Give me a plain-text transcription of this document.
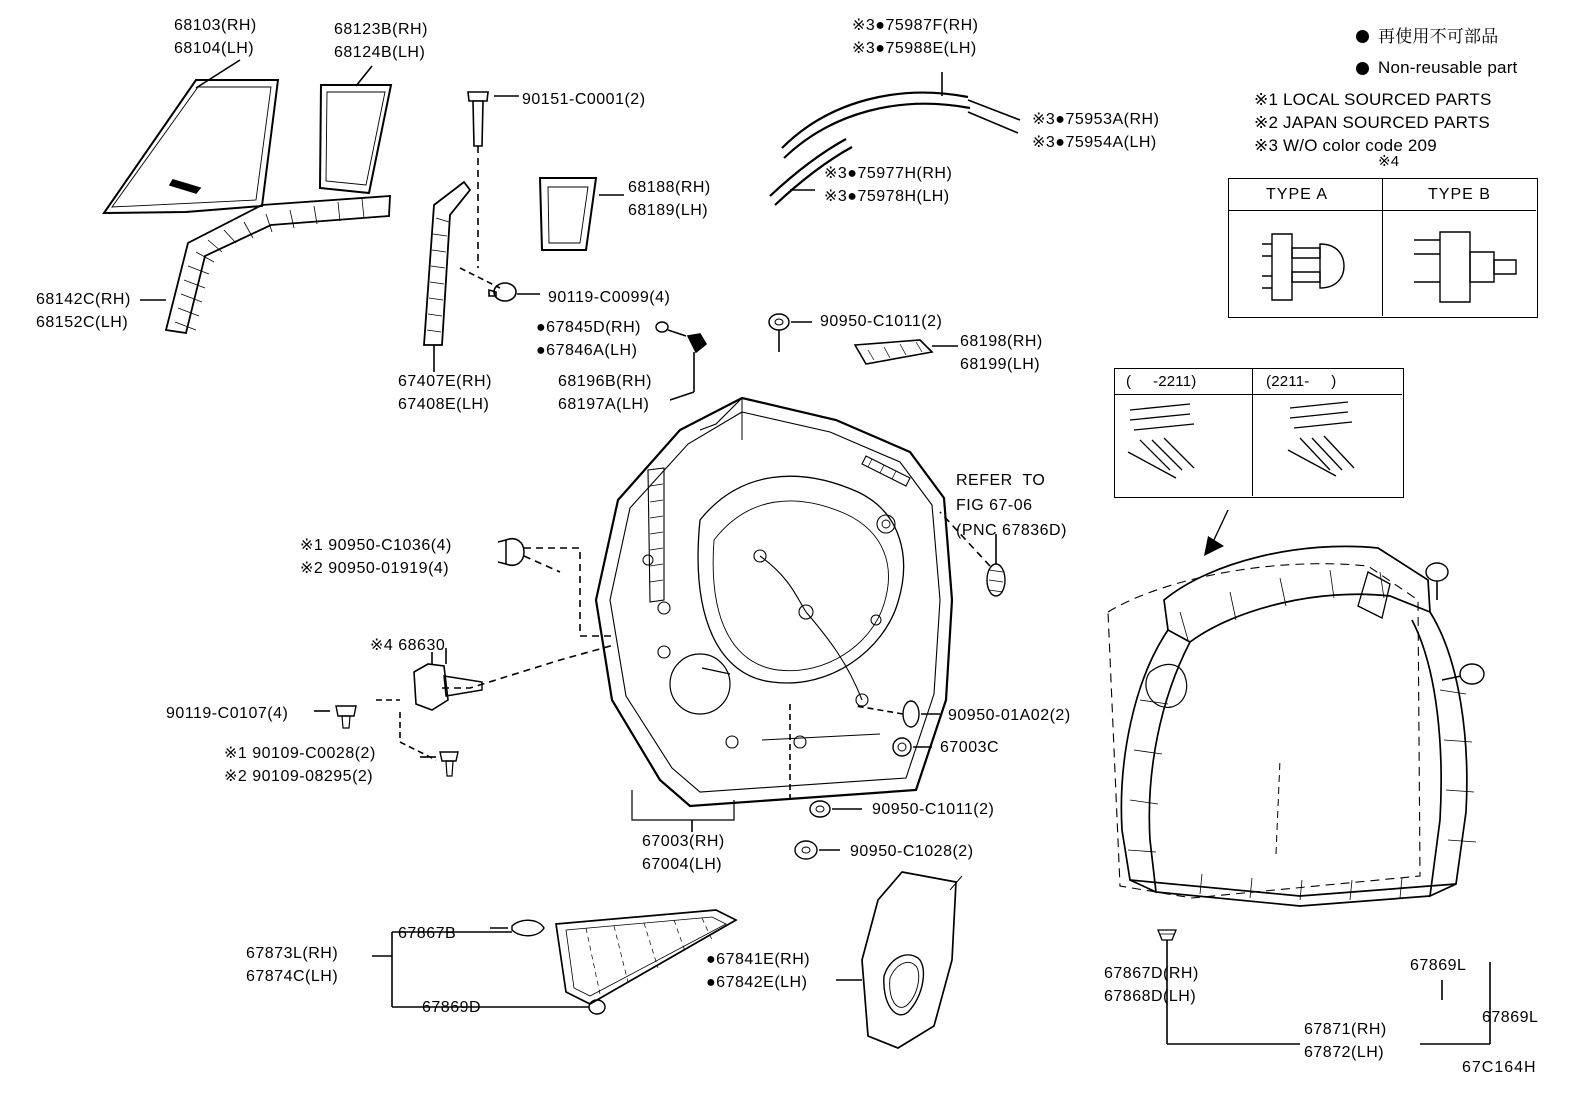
TYPE A	TYPE B
※4
(     -2211)	(2211-     )
再使用不可部品
Non-reusable part
※1 LOCAL SOURCED PARTS
※2 JAPAN SOURCED PARTS
※3 W/O color code 209
68103(RH)
68104(LH)
68123B(RH)
68124B(LH)
90151-C0001(2)
※3●75987F(RH)
※3●75988E(LH)
※3●75953A(RH)
※3●75954A(LH)
※3●75977H(RH)
※3●75978H(LH)
68188(RH)
68189(LH)
68142C(RH)
68152C(LH)
90119-C0099(4)
●67845D(RH)
●67846A(LH)
67407E(RH)
67408E(LH)
68196B(RH)
68197A(LH)
90950-C1011(2)
68198(RH)
68199(LH)
※1 90950-C1036(4)
※2 90950-01919(4)
※4 68630
90119-C0107(4)
※1 90109-C0028(2)
※2 90109-08295(2)
REFER  TO
FIG 67-06
(PNC 67836D)
90950-01A02(2)
67003C
90950-C1011(2)
90950-C1028(2)
67003(RH)
67004(LH)
67867B
67873L(RH)
67874C(LH)
67869D
●67841E(RH)
●67842E(LH)
67867D(RH)
67868D(LH)
67869L
67869L
67871(RH)
67872(LH)
67C164H
